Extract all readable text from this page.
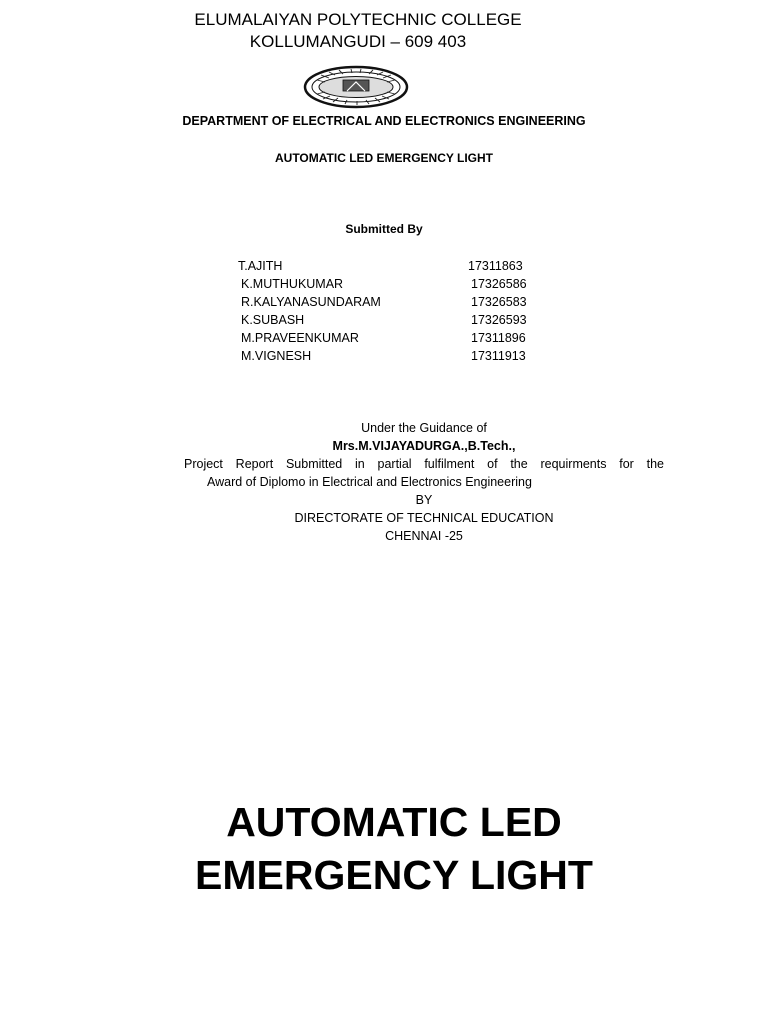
ELUMALAIYAN POLYTECHNIC COLLEGE
KOLLUMANGUDI – 609 403
DEPARTMENT OF ELECTRICAL AND ELECTRONICS ENGINEERING
AUTOMATIC LED EMERGENCY LIGHT
Submitted By
T.AJITH	17311863
K.MUTHUKUMAR	17326586
R.KALYANASUNDARAM	17326583
K.SUBASH	17326593
M.PRAVEENKUMAR	17311896
M.VIGNESH	17311913
Under the Guidance of
Mrs.M.VIJAYADURGA.,B.Tech.,
Project Report Submitted in partial fulfilment of the requirments for the
Award of Diplomo in Electrical and Electronics Engineering
BY
DIRECTORATE OF TECHNICAL EDUCATION
CHENNAI -25
AUTOMATIC LED EMERGENCY LIGHT
